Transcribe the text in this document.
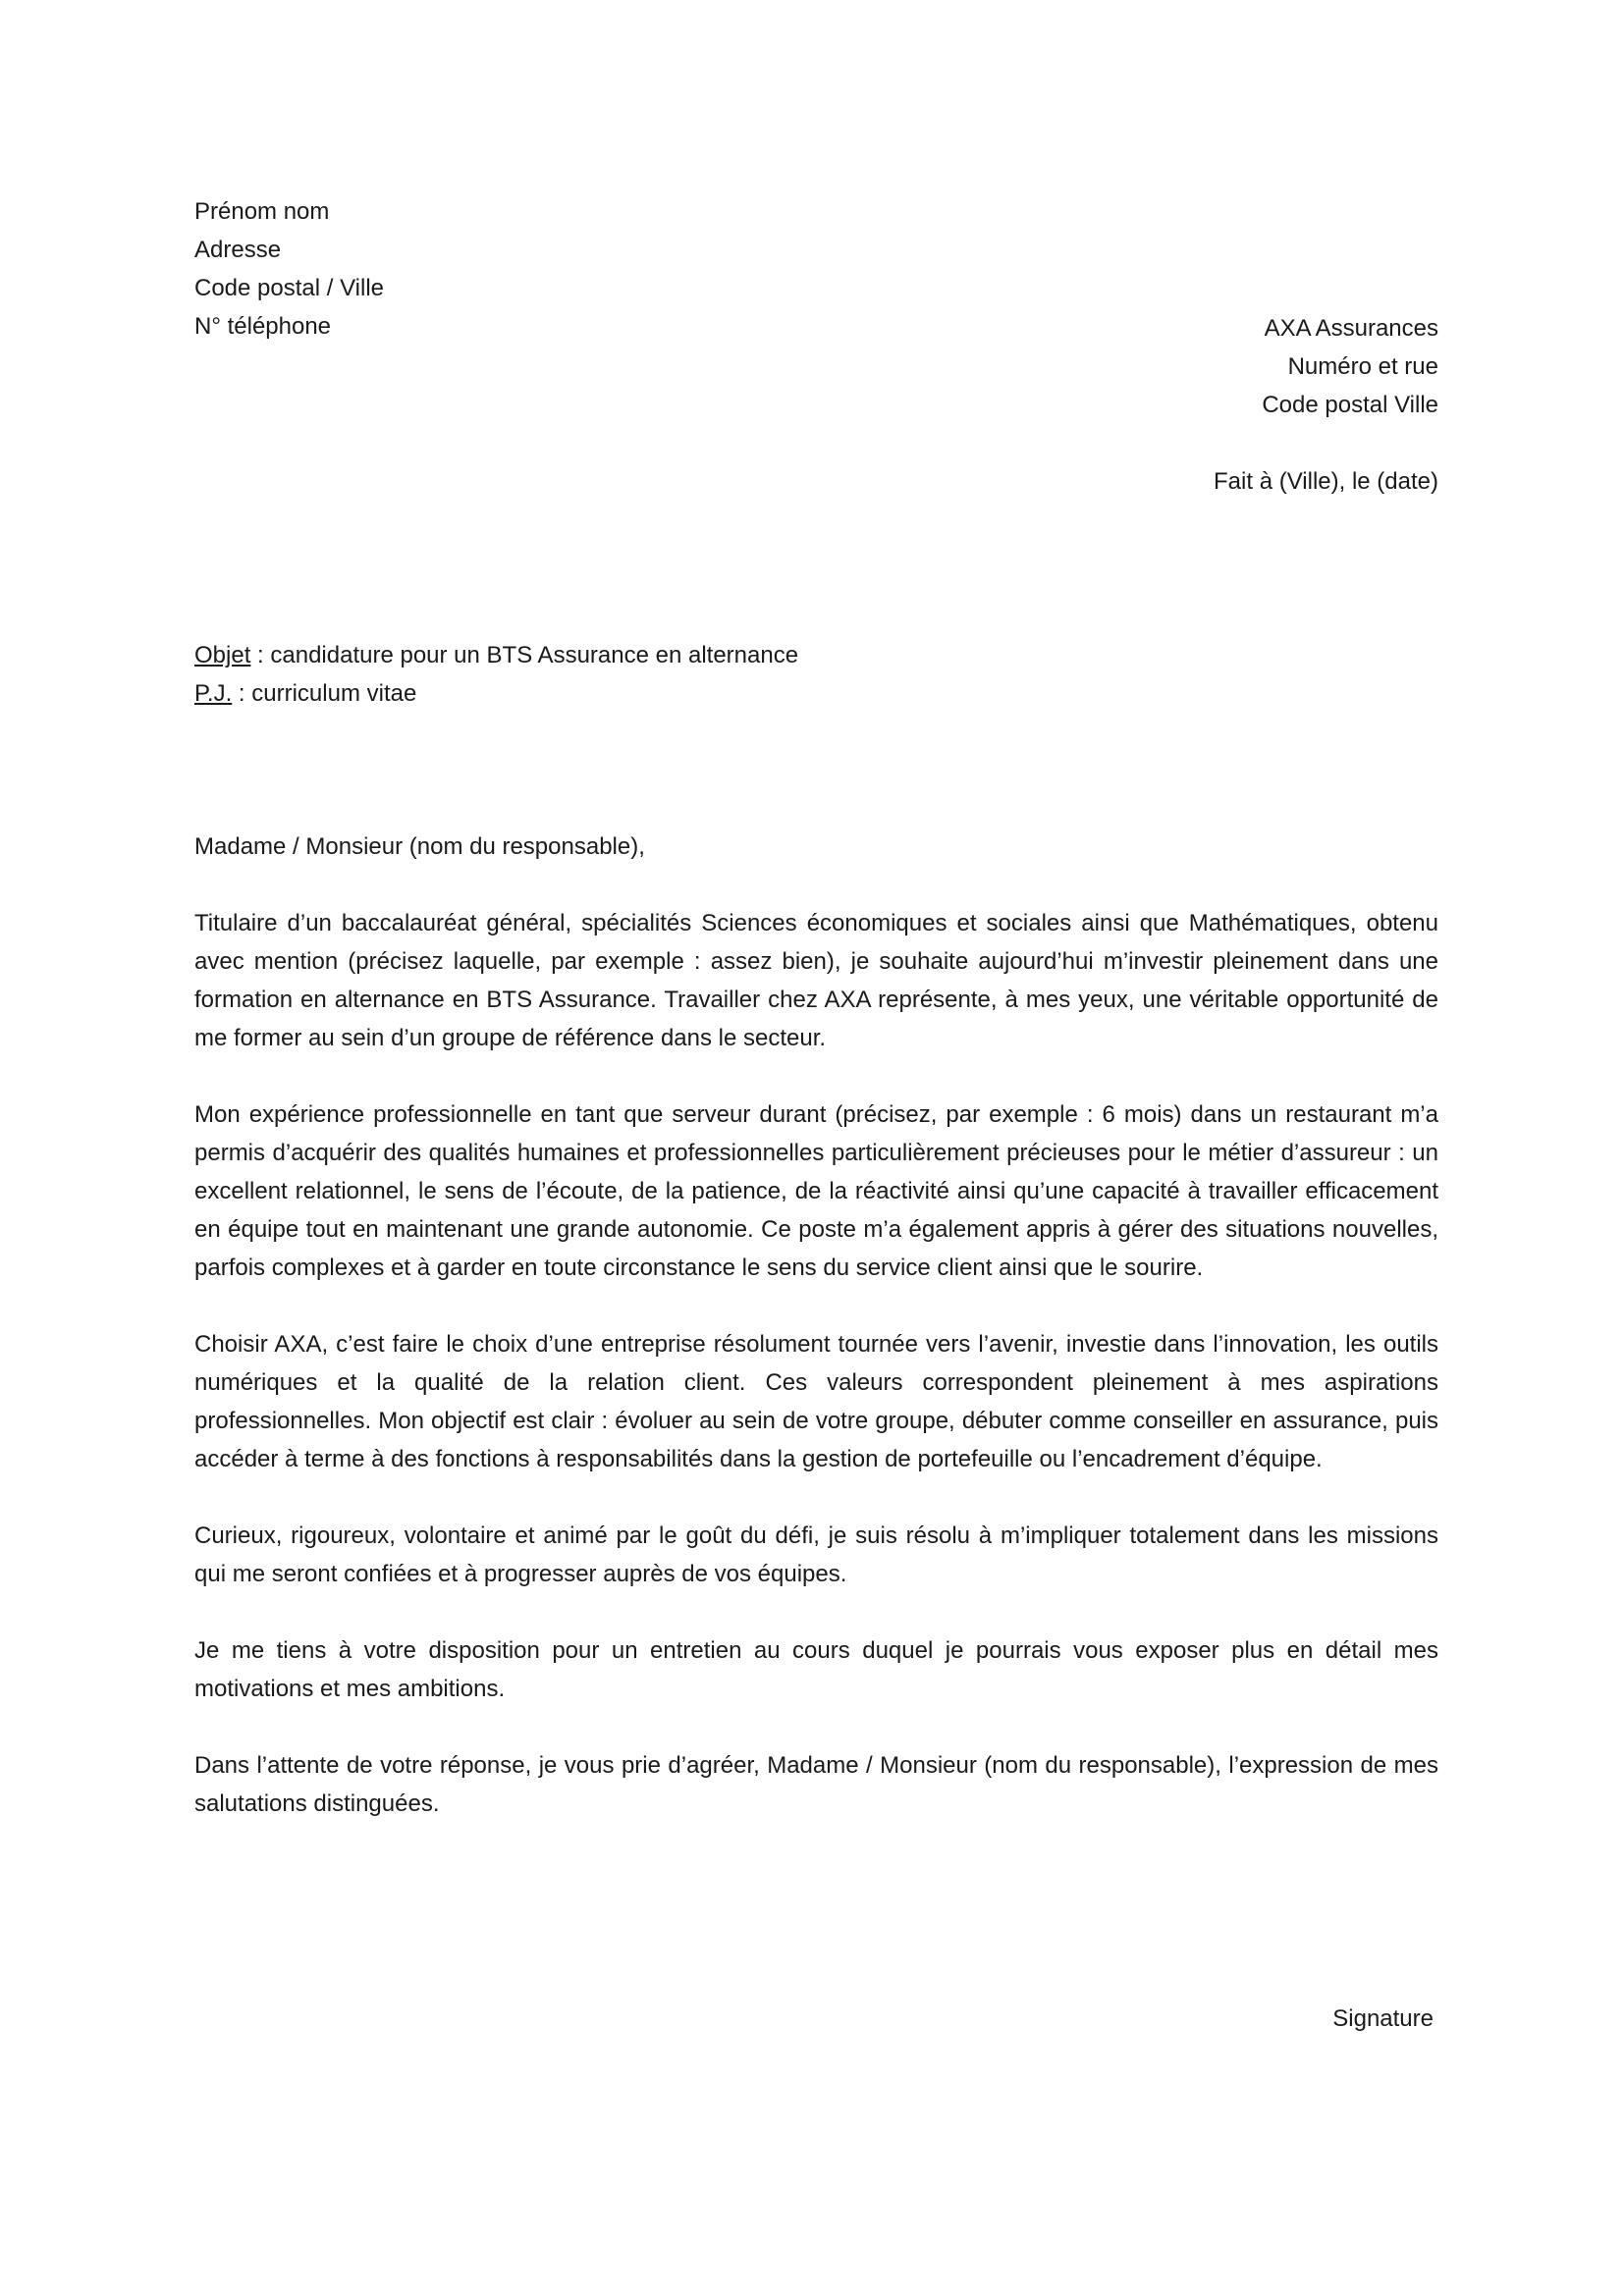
Prénom nom
Adresse
Code postal / Ville
N° téléphone	AXA Assurances
Numéro et rue
Code postal Ville
Fait à (Ville), le (date)
Objet : candidature pour un BTS Assurance en alternance
P.J. : curriculum vitae

Madame / Monsieur (nom du responsable),

Titulaire d’un baccalauréat général, spécialités Sciences économiques et sociales ainsi que Mathématiques, obtenu avec mention (précisez laquelle, par exemple : assez bien), je souhaite aujourd’hui m’investir pleinement dans une formation en alternance en BTS Assurance. Travailler chez AXA représente, à mes yeux, une véritable opportunité de me former au sein d’un groupe de référence dans le secteur.

Mon expérience professionnelle en tant que serveur durant (précisez, par exemple : 6 mois) dans un restaurant m’a permis d’acquérir des qualités humaines et professionnelles particulièrement précieuses pour le métier d’assureur : un excellent relationnel, le sens de l’écoute, de la patience, de la réactivité ainsi qu’une capacité à travailler efficacement en équipe tout en maintenant une grande autonomie. Ce poste m’a également appris à gérer des situations nouvelles, parfois complexes et à garder en toute circonstance le sens du service client ainsi que le sourire.

Choisir AXA, c’est faire le choix d’une entreprise résolument tournée vers l’avenir, investie dans l’innovation, les outils numériques et la qualité de la relation client. Ces valeurs correspondent pleinement à mes aspirations professionnelles. Mon objectif est clair : évoluer au sein de votre groupe, débuter comme conseiller en assurance, puis accéder à terme à des fonctions à responsabilités dans la gestion de portefeuille ou l’encadrement d’équipe.

Curieux, rigoureux, volontaire et animé par le goût du défi, je suis résolu à m’impliquer totalement dans les missions qui me seront confiées et à progresser auprès de vos équipes.

Je me tiens à votre disposition pour un entretien au cours duquel je pourrais vous exposer plus en détail mes motivations et mes ambitions.

Dans l’attente de votre réponse, je vous prie d’agréer, Madame / Monsieur (nom du responsable), l’expression de mes salutations distinguées.

Signature
